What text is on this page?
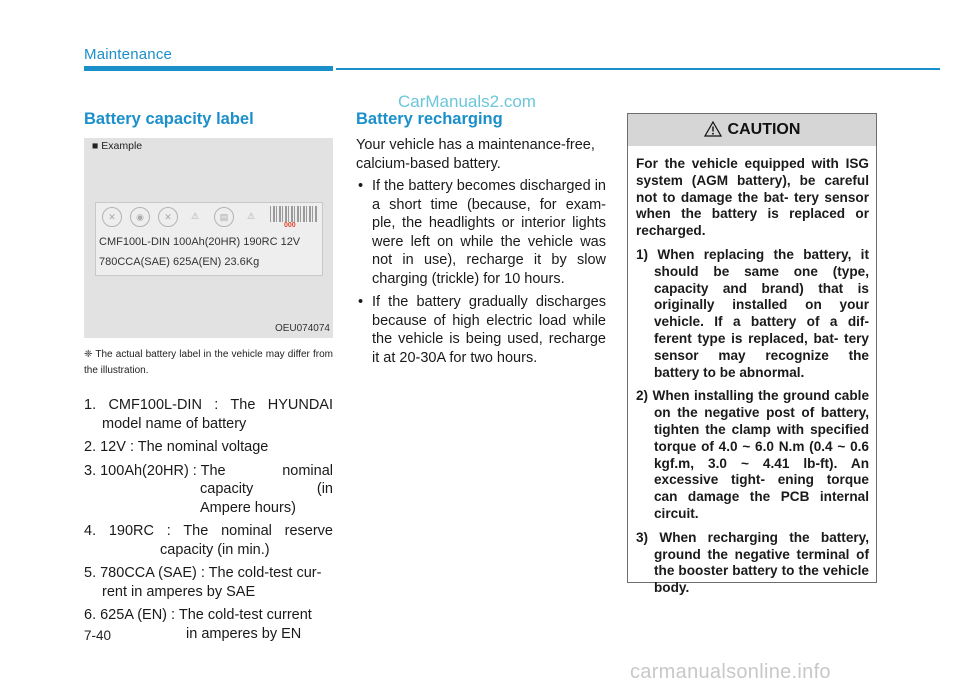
Maintenance
CarManuals2.com
Battery capacity label	Battery recharging
■ Example
✕	◉	✕	⚠	▤	⚠
000
CMF100L-DIN 100Ah(20HR) 190RC 12V
780CCA(SAE) 625A(EN) 23.6Kg
OEU074074
❈ The actual battery label in the vehicle may differ from the illustration.
1. CMF100L-DIN : The HYUNDAI
model name of battery
2. 12V : The nominal voltage
3. 100Ah(20HR) : The	nominal
capacity	(in
Ampere hours)
4. 190RC : The nominal reserve
capacity (in min.)
5. 780CCA (SAE) : The cold-test cur-
rent in amperes by SAE
6. 625A (EN) : The cold-test current
in amperes by EN

Your vehicle has a maintenance-free, calcium-based battery.

• If the battery becomes discharged in a short time (because, for exam- ple, the headlights or interior lights were left on while the vehicle was not in use), recharge it by slow charging (trickle) for 10 hours.
• If the battery gradually discharges because of high electric load while the vehicle is being used, recharge it at 20-30A for two hours.
CAUTION

For the vehicle equipped with ISG system (AGM battery), be careful not to damage the bat- tery sensor when the battery is replaced or recharged.

1) When replacing the battery, it should be same one (type, capacity and brand) that is originally installed on your vehicle. If a battery of a dif- ferent type is replaced, bat- tery sensor may recognize the battery to be abnormal.

2) When installing the ground cable on the negative post of battery, tighten the clamp with specified torque of 4.0 ~ 6.0 N.m (0.4 ~ 0.6 kgf.m, 3.0 ~ 4.41 lb-ft). An excessive tight- ening torque can damage the PCB internal circuit.

3) When recharging the battery, ground the negative terminal of the booster battery to the vehicle body.

7-40
carmanualsonline.info
